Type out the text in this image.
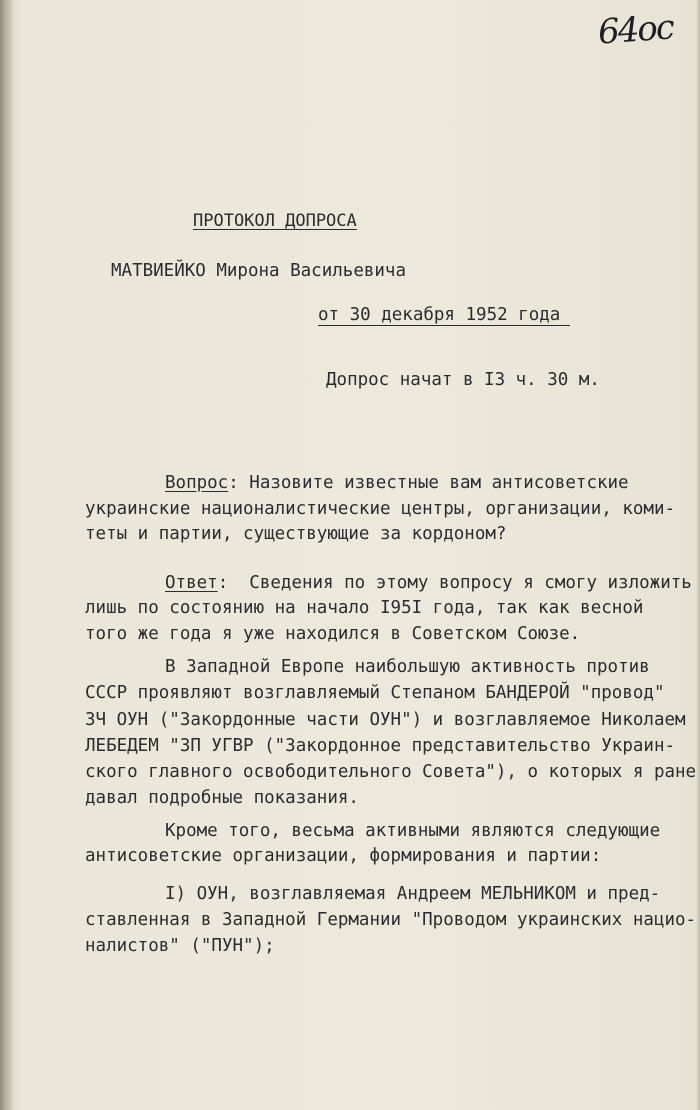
64ос
ПРОТОКОЛ ДОПРОСА
МАТВИЕЙКО Мирона Васильевича
от 30 декабря 1952 года
Допрос начат в I3 ч. 30 м.
Вопрос: Назовите известные вам антисоветские
украинские националистические центры, организации, коми-
теты и партии, существующие за кордоном?
Ответ:  Сведения по этому вопросу я смогу изложить
лишь по состоянию на начало I95I года, так как весной
того же года я уже находился в Советском Союзе.
В Западной Европе наибольшую активность против
СССР проявляют возглавляемый Степаном БАНДЕРОЙ "провод"
ЗЧ ОУН ("Закордонные части ОУН") и возглавляемое Николаем
ЛЕБЕДЕМ "ЗП УГВР ("Закордонное представительство Украин-
ского главного освободительного Совета"), о которых я ране
давал подробные показания.
Кроме того, весьма активными являются следующие
антисоветские организации, формирования и партии:
I) ОУН, возглавляемая Андреем МЕЛЬНИКОМ и пред-
ставленная в Западной Германии "Проводом украинских нацио-
налистов" ("ПУН");
